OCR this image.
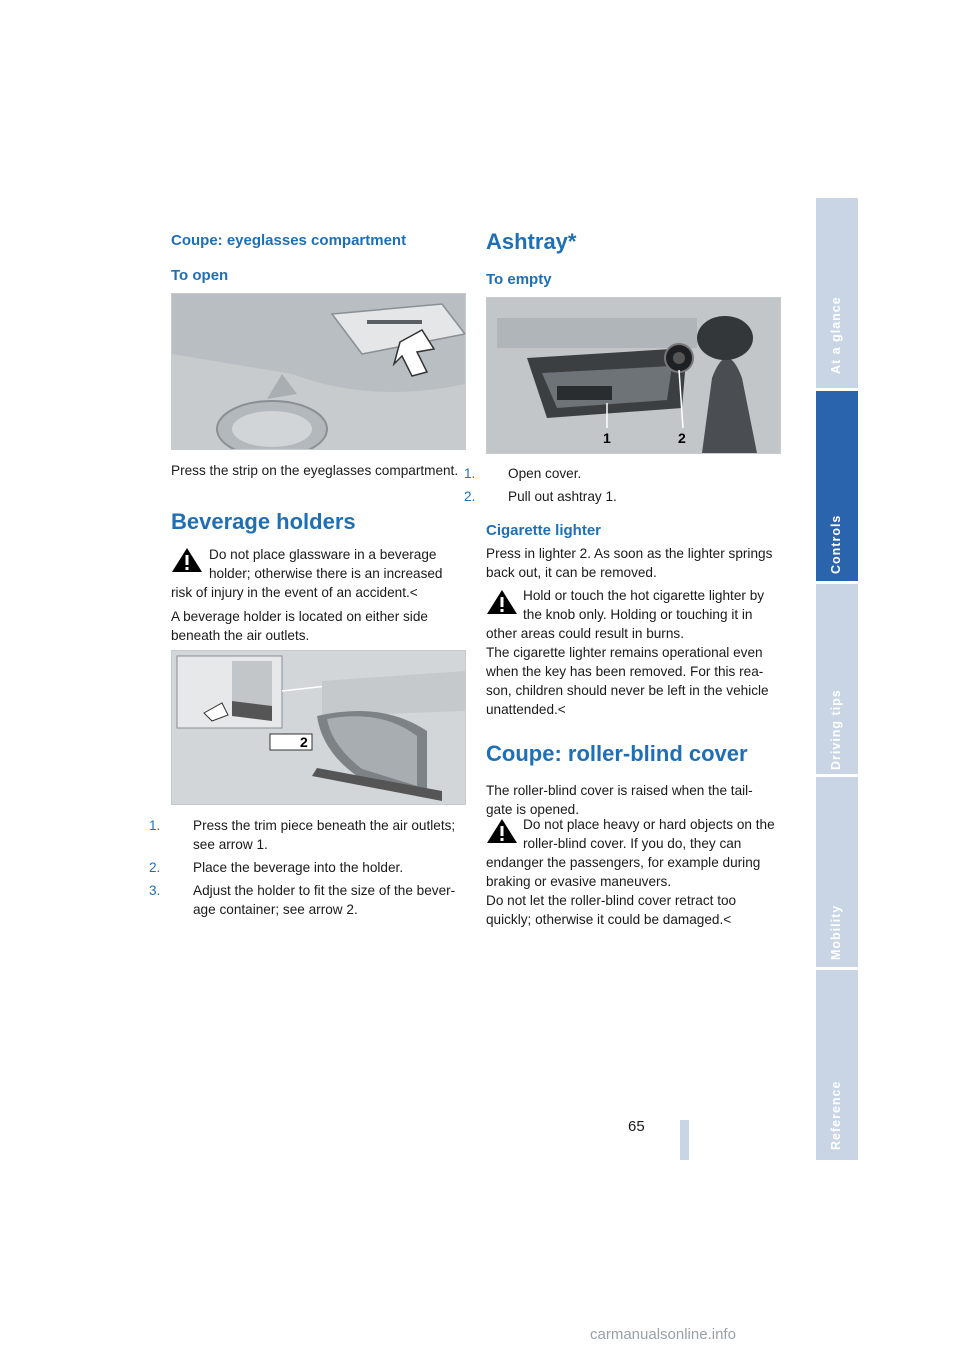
Coupe: eyeglasses compartment
To open
Press the strip on the eyeglasses compartment.
Beverage holders
Do not place glassware in a beverage
holder; otherwise there is an increased
risk of injury in the event of an accident.<
A beverage holder is located on either side
beneath the air outlets.
2
1. Press the trim piece beneath the air outlets;
see arrow 1.
2. Place the beverage into the holder.
3. Adjust the holder to fit the size of the bever-
age container; see arrow 2.
Ashtray*
To empty
1	2
1. Open cover.
2. Pull out ashtray 1.
Cigarette lighter
Press in lighter 2. As soon as the lighter springs
back out, it can be removed.
Hold or touch the hot cigarette lighter by
the knob only. Holding or touching it in
other areas could result in burns.
The cigarette lighter remains operational even
when the key has been removed. For this rea-
son, children should never be left in the vehicle
unattended.<
Coupe: roller-blind cover
The roller-blind cover is raised when the tail-
gate is opened.
Do not place heavy or hard objects on the
roller-blind cover. If you do, they can
endanger the passengers, for example during
braking or evasive maneuvers.
Do not let the roller-blind cover retract too
quickly; otherwise it could be damaged.<
At a glance
Controls
Driving tips
Mobility
Reference
65
carmanualsonline.info
